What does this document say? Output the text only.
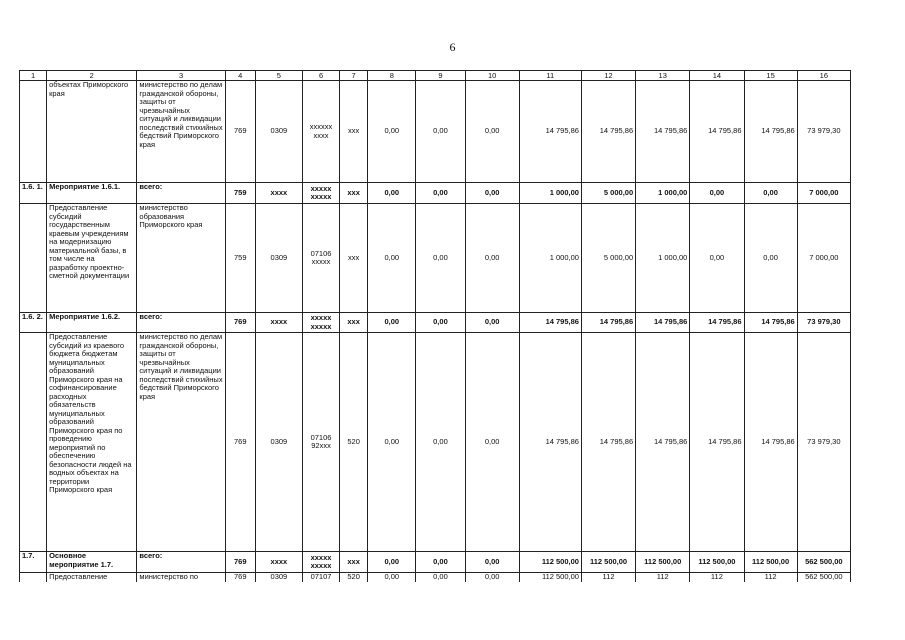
6
1	2	3	4	5	6	7	8	9	10	11	12	13	14	15	16
	объектах Приморского края	министерство по делам гражданской обороны, защиты от чрезвычайных ситуаций и ликвидации последствий стихийных бедствий Приморского края	769	0309	xxxxxx xxxx	xxx	0,00	0,00	0,00	14 795,86	14 795,86	14 795,86	14 795,86	14 795,86	73 979,30
1.6. 1.	Мероприятие 1.6.1.	всего:	759	xxxx	xxxxx xxxxx	xxx	0,00	0,00	0,00	1 000,00	5 000,00	1 000,00	0,00	0,00	7 000,00
	Предоставление субсидий государственным краевым учреждениям на модернизацию материальной базы, в том числе на разработку проектно-сметной документации	министерство образования Приморского края	759	0309	07106 xxxxx	xxx	0,00	0,00	0,00	1 000,00	5 000,00	1 000,00	0,00	0,00	7 000,00
1.6. 2.	Мероприятие 1.6.2.	всего:	769	xxxx	xxxxx xxxxx	xxx	0,00	0,00	0,00	14 795,86	14 795,86	14 795,86	14 795,86	14 795,86	73 979,30
	Предоставление субсидий из краевого бюджета бюджетам муниципальных образований Приморского края на софинансирование расходных обязательств муниципальных образований Приморского края по проведению мероприятий по обеспечению безопасности людей на водных объектах на территории Приморского края	министерство по делам гражданской обороны, защиты от чрезвычайных ситуаций и ликвидации последствий стихийных бедствий Приморского края	769	0309	07106 92xxx	520	0,00	0,00	0,00	14 795,86	14 795,86	14 795,86	14 795,86	14 795,86	73 979,30
1.7.	Основное мероприятие 1.7.	всего:	769	xxxx	xxxxx xxxxx	xxx	0,00	0,00	0,00	112 500,00	112 500,00	112 500,00	112 500,00	112 500,00	562 500,00
	Предоставление	министерство по	769	0309	07107	520	0,00	0,00	0,00	112 500,00	112	112	112	112	562 500,00
